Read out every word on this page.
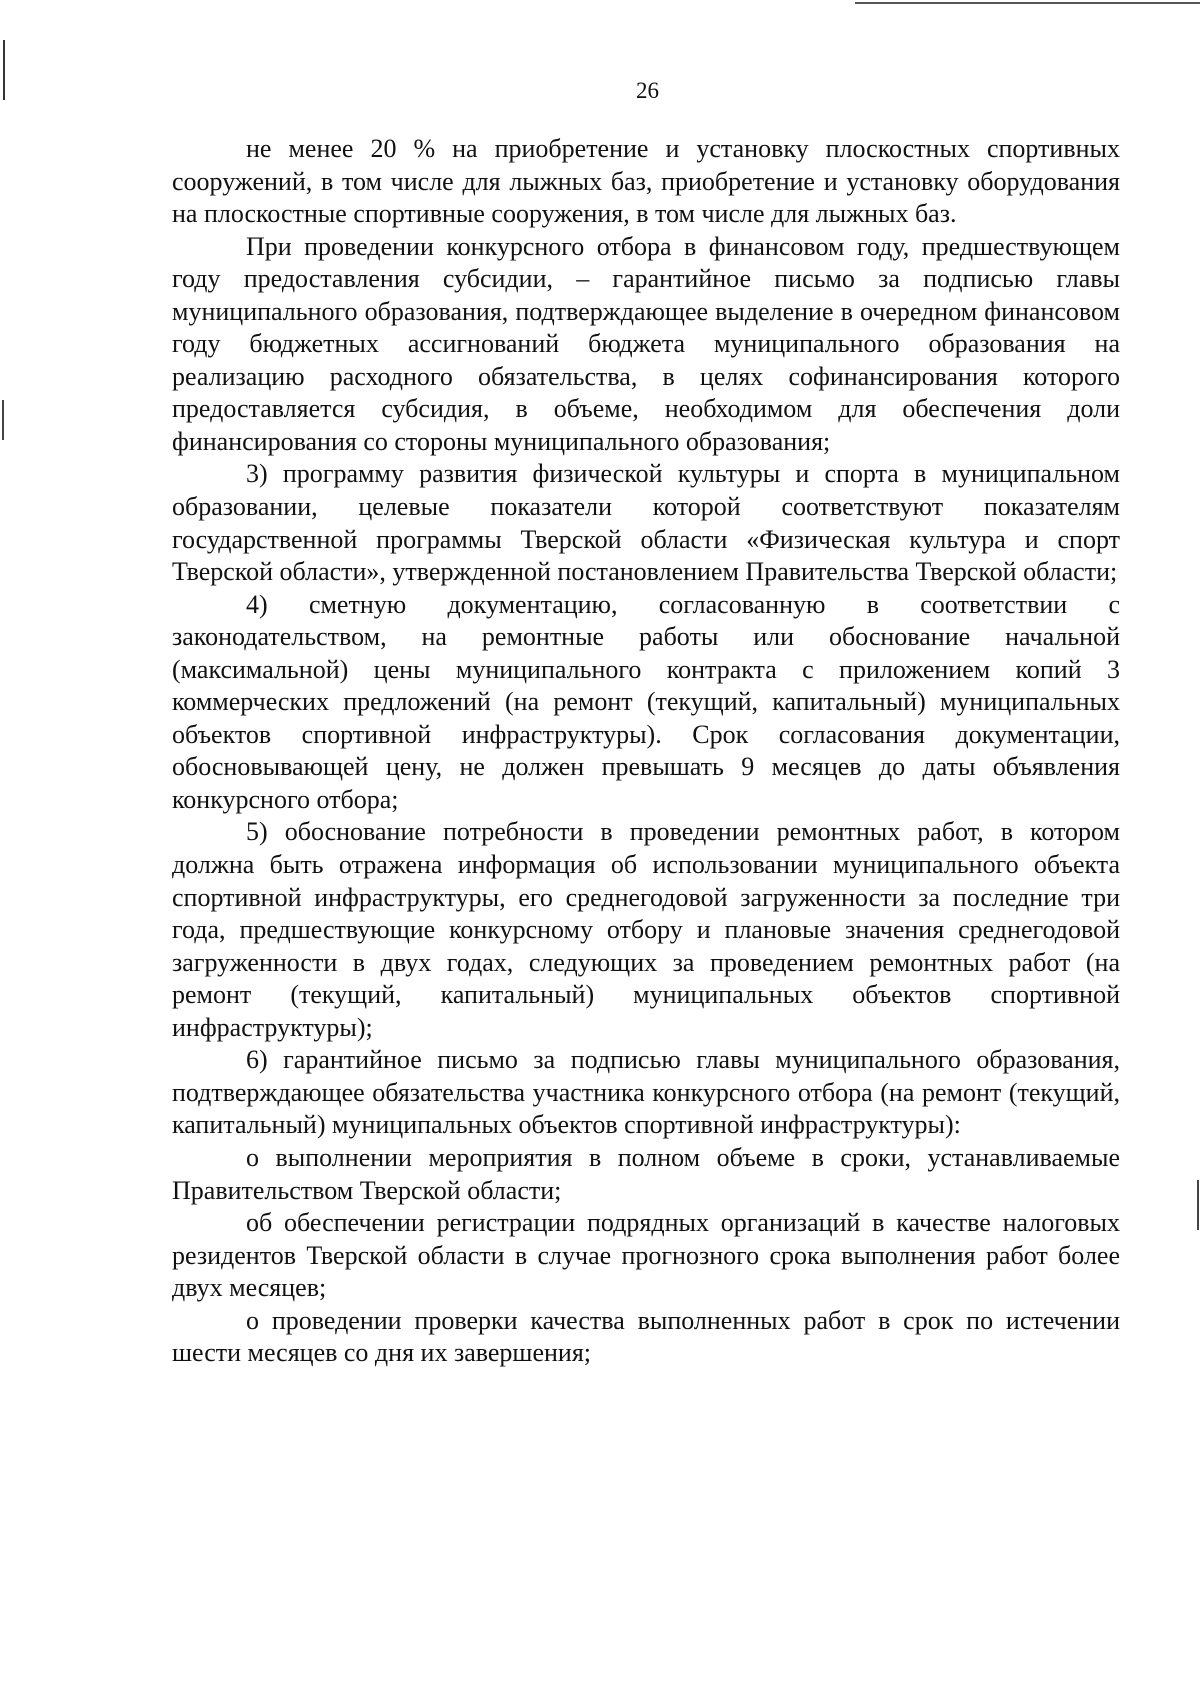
26

не менее 20 % на приобретение и установку плоскостных спортивных сооружений, в том числе для лыжных баз, приобретение и установку оборудования на плоскостные спортивные сооружения, в том числе для лыжных баз.

При проведении конкурсного отбора в финансовом году, предшествующем году предоставления субсидии, – гарантийное письмо за подписью главы муниципального образования, подтверждающее выделение в очередном финансовом году бюджетных ассигнований бюджета муниципального образования на реализацию расходного обязательства, в целях софинансирования которого предоставляется субсидия, в объеме, необходимом для обеспечения доли финансирования со стороны муниципального образования;

3) программу развития физической культуры и спорта в муниципальном образовании, целевые показатели которой соответствуют показателям государственной программы Тверской области «Физическая культура и спорт Тверской области», утвержденной постановлением Правительства Тверской области;

4) сметную документацию, согласованную в соответствии с законодательством, на ремонтные работы или обоснование начальной (максимальной) цены муниципального контракта с приложением копий 3 коммерческих предложений (на ремонт (текущий, капитальный) муниципальных объектов спортивной инфраструктуры). Срок согласования документации, обосновывающей цену, не должен превышать 9 месяцев до даты объявления конкурсного отбора;

5) обоснование потребности в проведении ремонтных работ, в котором должна быть отражена информация об использовании муниципального объекта спортивной инфраструктуры, его среднегодовой загруженности за последние три года, предшествующие конкурсному отбору и плановые значения среднегодовой загруженности в двух годах, следующих за проведением ремонтных работ (на ремонт (текущий, капитальный) муниципальных объектов спортивной инфраструктуры);

6) гарантийное письмо за подписью главы муниципального образования, подтверждающее обязательства участника конкурсного отбора (на ремонт (текущий, капитальный) муниципальных объектов спортивной инфраструктуры):

о выполнении мероприятия в полном объеме в сроки, устанавливаемые Правительством Тверской области;

об обеспечении регистрации подрядных организаций в качестве налоговых резидентов Тверской области в случае прогнозного срока выполнения работ более двух месяцев;

о проведении проверки качества выполненных работ в срок по истечении шести месяцев со дня их завершения;
